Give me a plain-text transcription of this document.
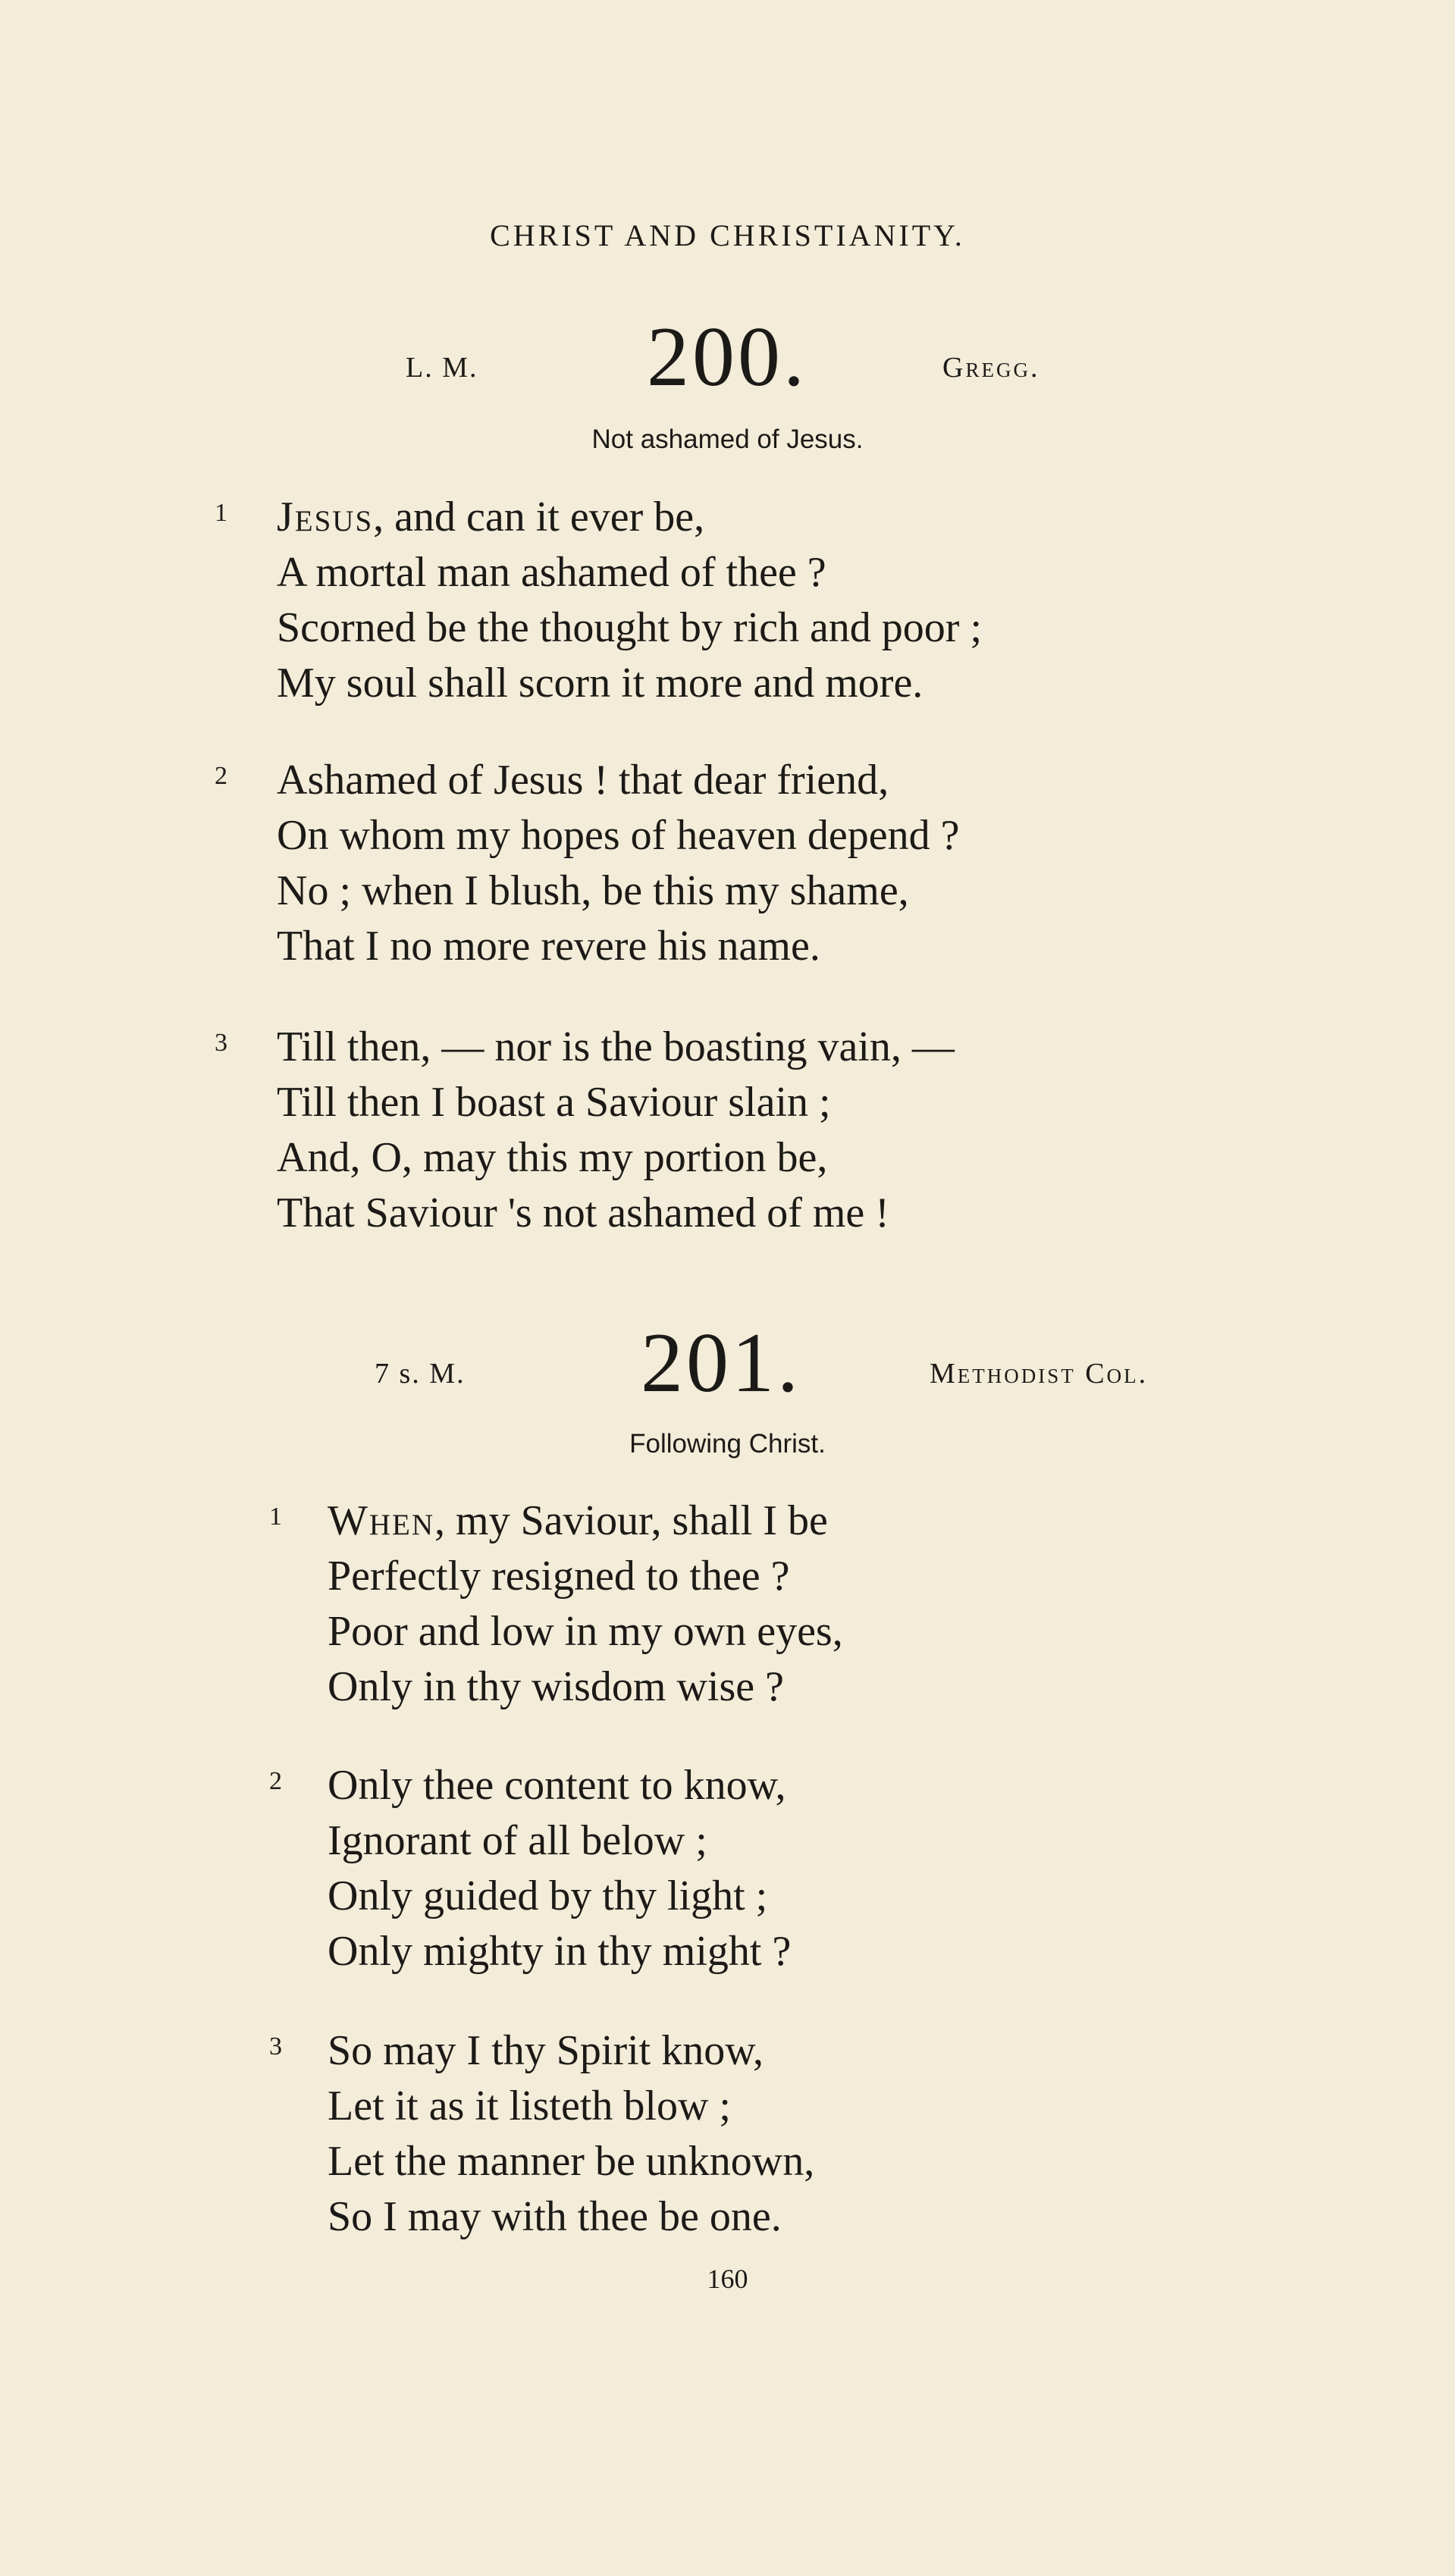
CHRIST AND CHRISTIANITY.
L. M. 200.	Gregg.
Not ashamed of Jesus.
1 Jesus, and can it ever be,
A mortal man ashamed of thee ?
Scorned be the thought by rich and poor ;
My soul shall scorn it more and more.
2 Ashamed of Jesus ! that dear friend,
On whom my hopes of heaven depend ?
No ; when I blush, be this my shame,
That I no more revere his name.
3 Till then, — nor is the boasting vain, —
Till then I boast a Saviour slain ;
And, O, may this my portion be,
That Saviour 's not ashamed of me !
7 s. M. 201.	Methodist Col.
Following Christ.
1 When, my Saviour, shall I be
Perfectly resigned to thee ?
Poor and low in my own eyes,
Only in thy wisdom wise ?
2 Only thee content to know,
Ignorant of all below ;
Only guided by thy light ;
Only mighty in thy might ?
3 So may I thy Spirit know,
Let it as it listeth blow ;
Let the manner be unknown,
So I may with thee be one.
160
